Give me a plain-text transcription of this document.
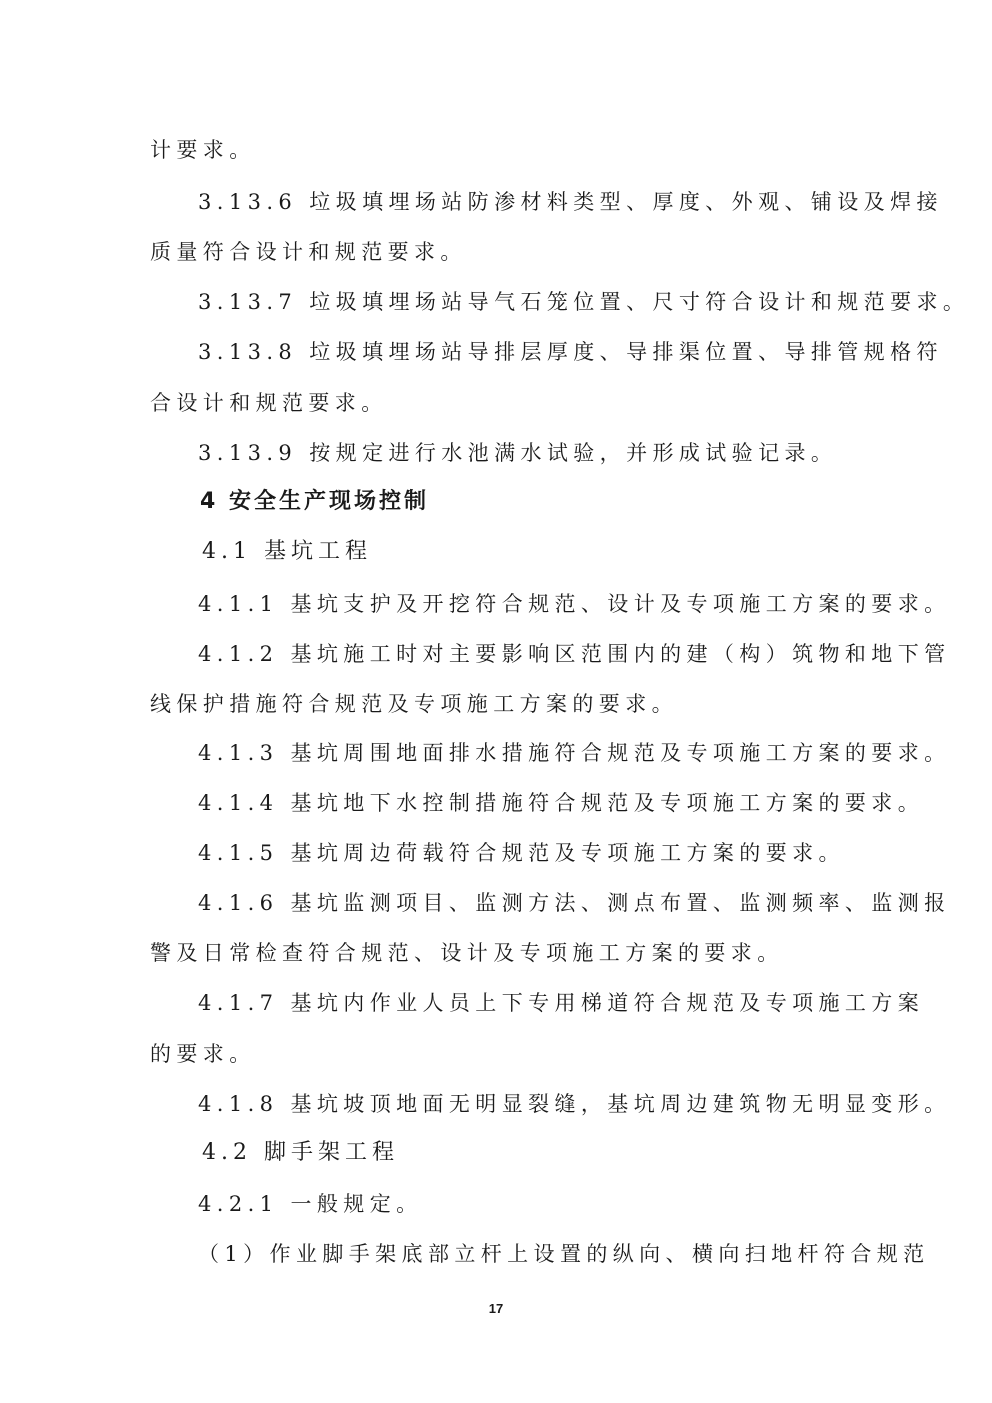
计要求。
3.13.6 垃圾填埋场站防渗材料类型、厚度、外观、铺设及焊接
质量符合设计和规范要求。
3.13.7 垃圾填埋场站导气石笼位置、尺寸符合设计和规范要求。
3.13.8 垃圾填埋场站导排层厚度、导排渠位置、导排管规格符
合设计和规范要求。
3.13.9 按规定进行水池满水试验，并形成试验记录。
4 安全生产现场控制
4.1 基坑工程
4.1.1 基坑支护及开挖符合规范、设计及专项施工方案的要求。
4.1.2 基坑施工时对主要影响区范围内的建（构）筑物和地下管
线保护措施符合规范及专项施工方案的要求。
4.1.3 基坑周围地面排水措施符合规范及专项施工方案的要求。
4.1.4 基坑地下水控制措施符合规范及专项施工方案的要求。
4.1.5 基坑周边荷载符合规范及专项施工方案的要求。
4.1.6 基坑监测项目、监测方法、测点布置、监测频率、监测报
警及日常检查符合规范、设计及专项施工方案的要求。
4.1.7 基坑内作业人员上下专用梯道符合规范及专项施工方案
的要求。
4.1.8 基坑坡顶地面无明显裂缝，基坑周边建筑物无明显变形。
4.2 脚手架工程
4.2.1 一般规定。
（1）作业脚手架底部立杆上设置的纵向、横向扫地杆符合规范
17
